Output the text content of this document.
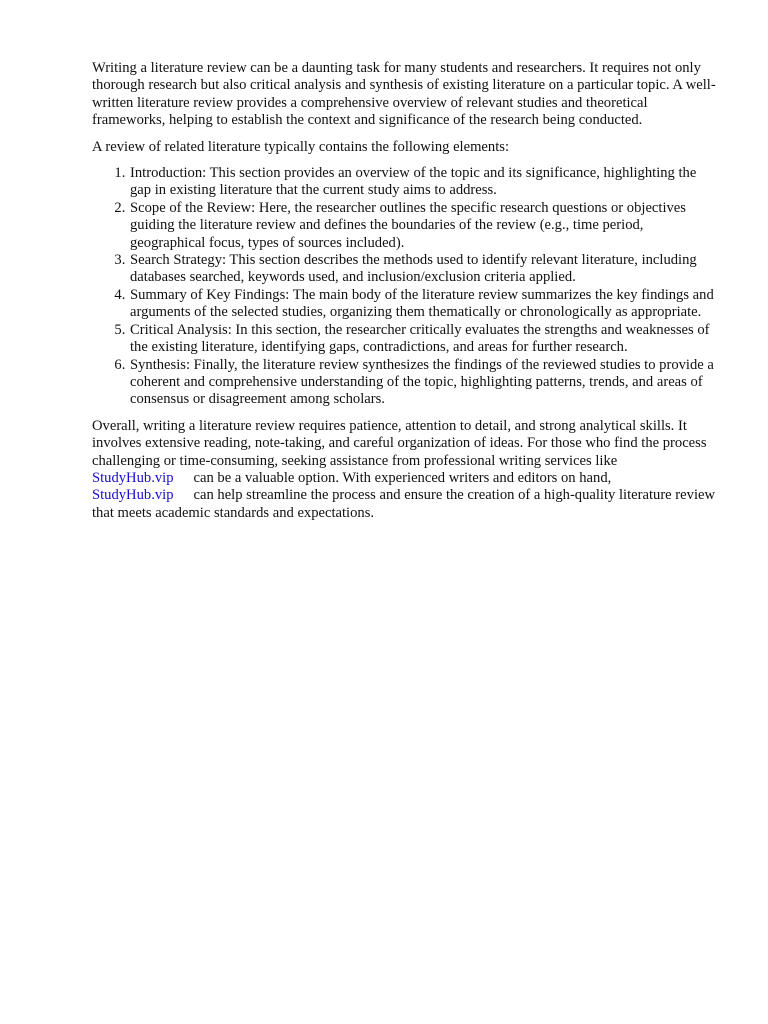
Writing a literature review can be a daunting task for many students and researchers. It requires not only thorough research but also critical analysis and synthesis of existing literature on a particular topic. A well-written literature review provides a comprehensive overview of relevant studies and theoretical frameworks, helping to establish the context and significance of the research being conducted.

A review of related literature typically contains the following elements:

1. Introduction: This section provides an overview of the topic and its significance, highlighting the gap in existing literature that the current study aims to address.
2. Scope of the Review: Here, the researcher outlines the specific research questions or objectives guiding the literature review and defines the boundaries of the review (e.g., time period, geographical focus, types of sources included).
3. Search Strategy: This section describes the methods used to identify relevant literature, including databases searched, keywords used, and inclusion/exclusion criteria applied.
4. Summary of Key Findings: The main body of the literature review summarizes the key findings and arguments of the selected studies, organizing them thematically or chronologically as appropriate.
5. Critical Analysis: In this section, the researcher critically evaluates the strengths and weaknesses of the existing literature, identifying gaps, contradictions, and areas for further research.
6. Synthesis: Finally, the literature review synthesizes the findings of the reviewed studies to provide a coherent and comprehensive understanding of the topic, highlighting patterns, trends, and areas of consensus or disagreement among scholars.

Overall, writing a literature review requires patience, attention to detail, and strong analytical skills. It involves extensive reading, note-taking, and careful organization of ideas. For those who find the process challenging or time-consuming, seeking assistance from professional writing services like
StudyHub.vip can be a valuable option. With experienced writers and editors on hand,
StudyHub.vip can help streamline the process and ensure the creation of a high-quality literature review that meets academic standards and expectations.
